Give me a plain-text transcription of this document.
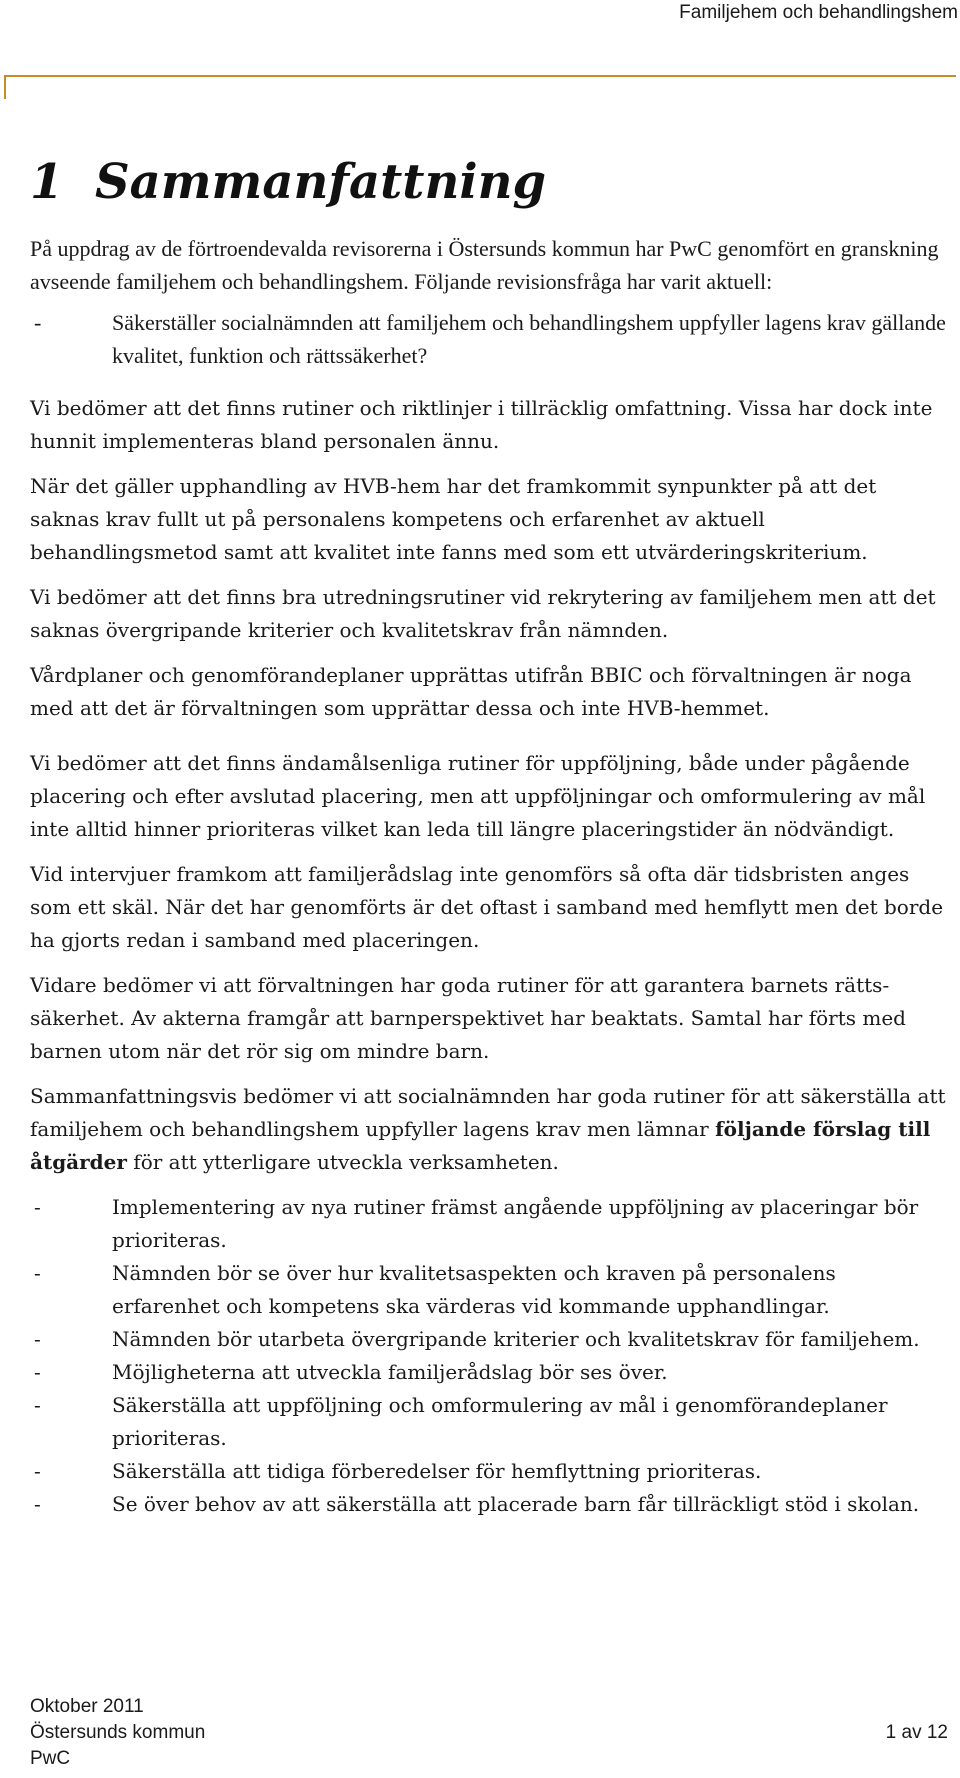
Familjehem och behandlingshem
1 Sammanfattning

På uppdrag av de förtroendevalda revisorerna i Östersunds kommun har PwC genomfört en granskning avseende familjehem och behandlingshem. Följande revisionsfråga har varit aktuell:

- Säkerställer socialnämnden att familjehem och behandlingshem uppfyller lagens krav gällande kvalitet, funktion och rättssäkerhet?

Vi bedömer att det finns rutiner och riktlinjer i tillräcklig omfattning. Vissa har dock inte hunnit implementeras bland personalen ännu.

När det gäller upphandling av HVB-hem har det framkommit synpunkter på att det saknas krav fullt ut på personalens kompetens och erfarenhet av aktuell behandlingsmetod samt att kvalitet inte fanns med som ett utvärderingskriterium.

Vi bedömer att det finns bra utredningsrutiner vid rekrytering av familjehem men att det saknas övergripande kriterier och kvalitetskrav från nämnden.

Vårdplaner och genomförandeplaner upprättas utifrån BBIC och förvaltningen är noga med att det är förvaltningen som upprättar dessa och inte HVB-hemmet.

Vi bedömer att det finns ändamålsenliga rutiner för uppföljning, både under pågående placering och efter avslutad placering, men att uppföljningar och omformulering av mål inte alltid hinner prioriteras vilket kan leda till längre placeringstider än nödvändigt.

Vid intervjuer framkom att familjerådslag inte genomförs så ofta där tidsbristen anges som ett skäl. När det har genomförts är det oftast i samband med hemflytt men det borde ha gjorts redan i samband med placeringen.

Vidare bedömer vi att förvaltningen har goda rutiner för att garantera barnets rätts-säkerhet. Av akterna framgår att barnperspektivet har beaktats. Samtal har förts med barnen utom när det rör sig om mindre barn.

Sammanfattningsvis bedömer vi att socialnämnden har goda rutiner för att säkerställa att familjehem och behandlingshem uppfyller lagens krav men lämnar följande förslag till åtgärder för att ytterligare utveckla verksamheten.

- Implementering av nya rutiner främst angående uppföljning av placeringar bör prioriteras.
- Nämnden bör se över hur kvalitetsaspekten och kraven på personalens erfarenhet och kompetens ska värderas vid kommande upphandlingar.
- Nämnden bör utarbeta övergripande kriterier och kvalitetskrav för familjehem.
- Möjligheterna att utveckla familjerådslag bör ses över.
- Säkerställa att uppföljning och omformulering av mål i genomförandeplaner prioriteras.
- Säkerställa att tidiga förberedelser för hemflyttning prioriteras.
- Se över behov av att säkerställa att placerade barn får tillräckligt stöd i skolan.
Oktober 2011
Östersunds kommun
PwC
1 av 12
